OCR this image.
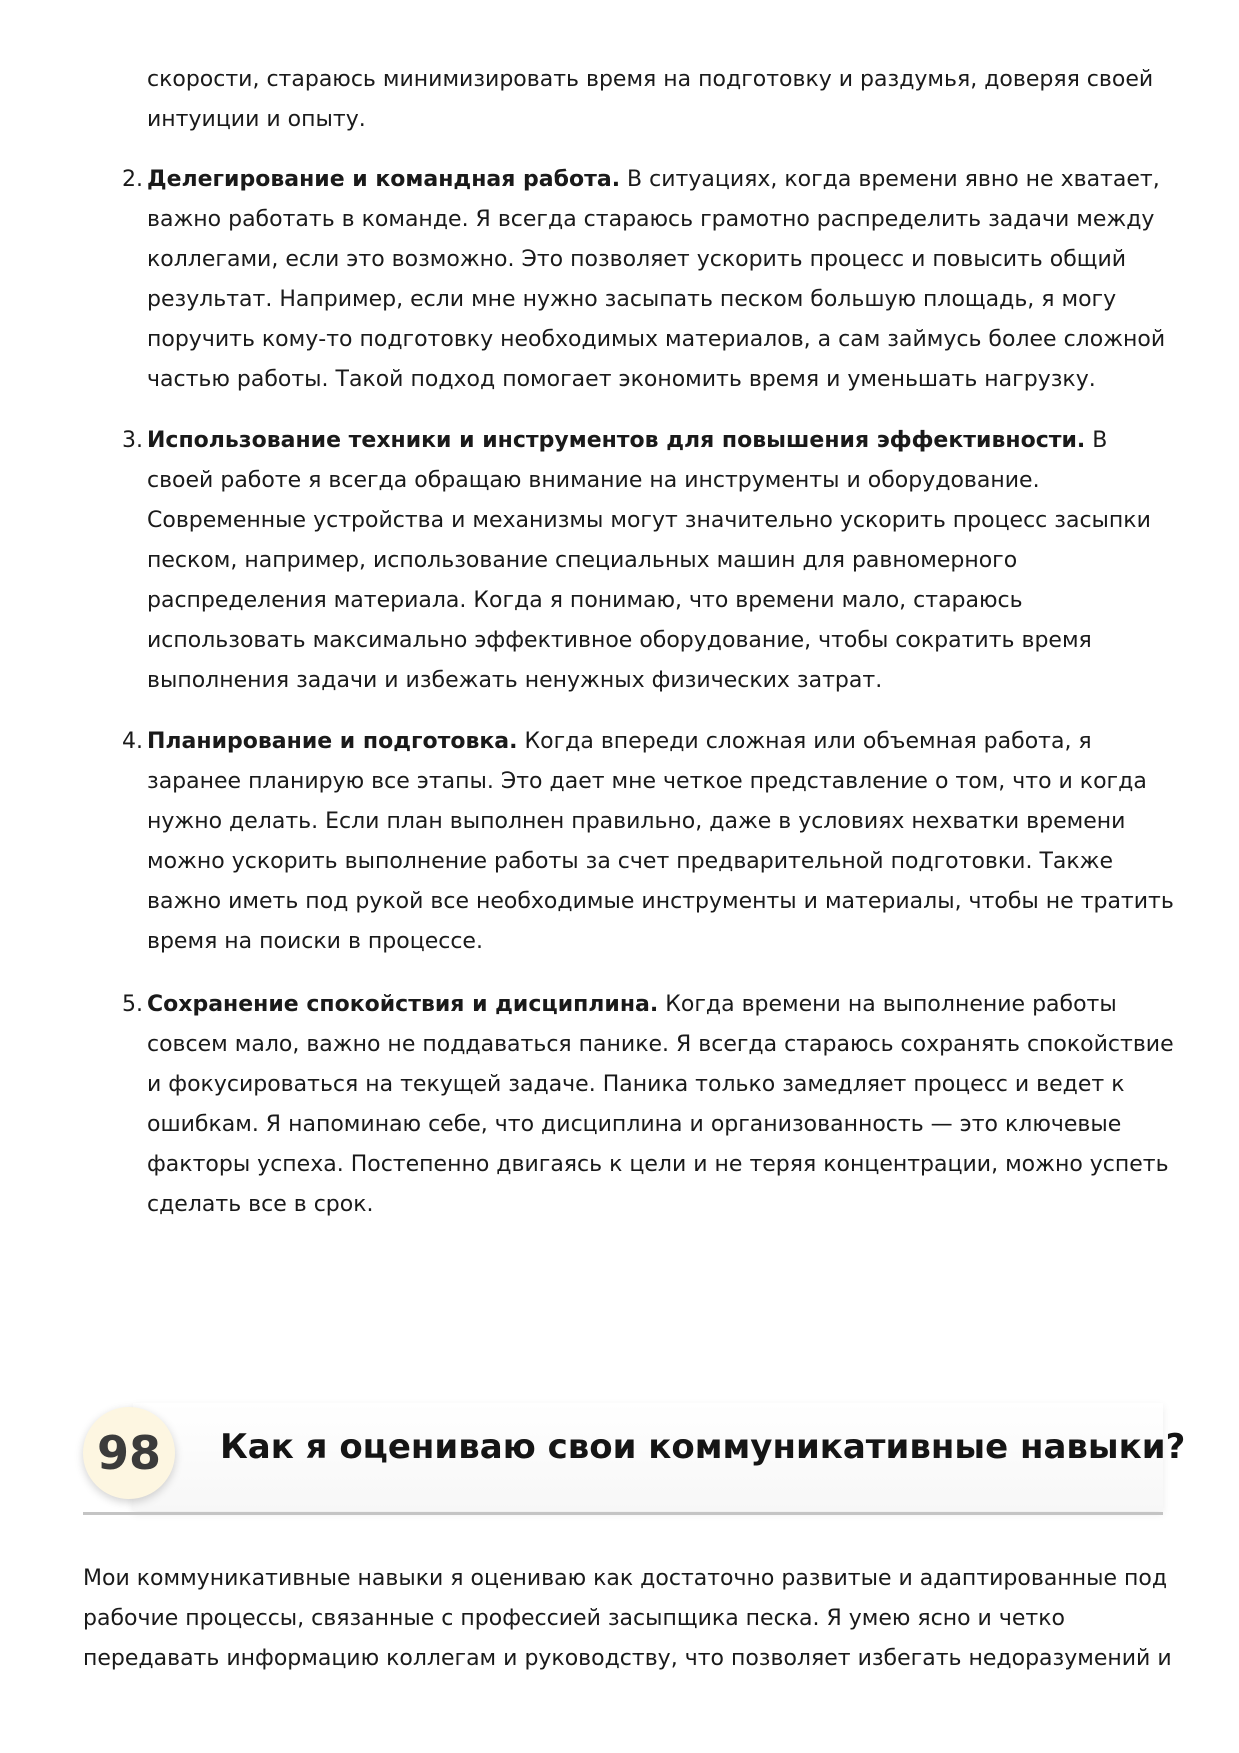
скорости, стараюсь минимизировать время на подготовку и раздумья, доверяя своей интуиции и опыту.

2. Делегирование и командная работа. В ситуациях, когда времени явно не хватает, важно работать в команде. Я всегда стараюсь грамотно распределить задачи между коллегами, если это возможно. Это позволяет ускорить процесс и повысить общий результат. Например, если мне нужно засыпать песком большую площадь, я могу поручить кому-то подготовку необходимых материалов, а сам займусь более сложной частью работы. Такой подход помогает экономить время и уменьшать нагрузку.

3. Использование техники и инструментов для повышения эффективности. В своей работе я всегда обращаю внимание на инструменты и оборудование. Современные устройства и механизмы могут значительно ускорить процесс засыпки песком, например, использование специальных машин для равномерного распределения материала. Когда я понимаю, что времени мало, стараюсь использовать максимально эффективное оборудование, чтобы сократить время выполнения задачи и избежать ненужных физических затрат.

4. Планирование и подготовка. Когда впереди сложная или объемная работа, я заранее планирую все этапы. Это дает мне четкое представление о том, что и когда нужно делать. Если план выполнен правильно, даже в условиях нехватки времени можно ускорить выполнение работы за счет предварительной подготовки. Также важно иметь под рукой все необходимые инструменты и материалы, чтобы не тратить время на поиски в процессе.

5. Сохранение спокойствия и дисциплина. Когда времени на выполнение работы совсем мало, важно не поддаваться панике. Я всегда стараюсь сохранять спокойствие и фокусироваться на текущей задаче. Паника только замедляет процесс и ведет к ошибкам. Я напоминаю себе, что дисциплина и организованность — это ключевые факторы успеха. Постепенно двигаясь к цели и не теряя концентрации, можно успеть сделать все в срок.

98	Как я оцениваю свои коммуникативные навыки?

Мои коммуникативные навыки я оцениваю как достаточно развитые и адаптированные под рабочие процессы, связанные с профессией засыпщика песка. Я умею ясно и четко передавать информацию коллегам и руководству, что позволяет избегать недоразумений и
